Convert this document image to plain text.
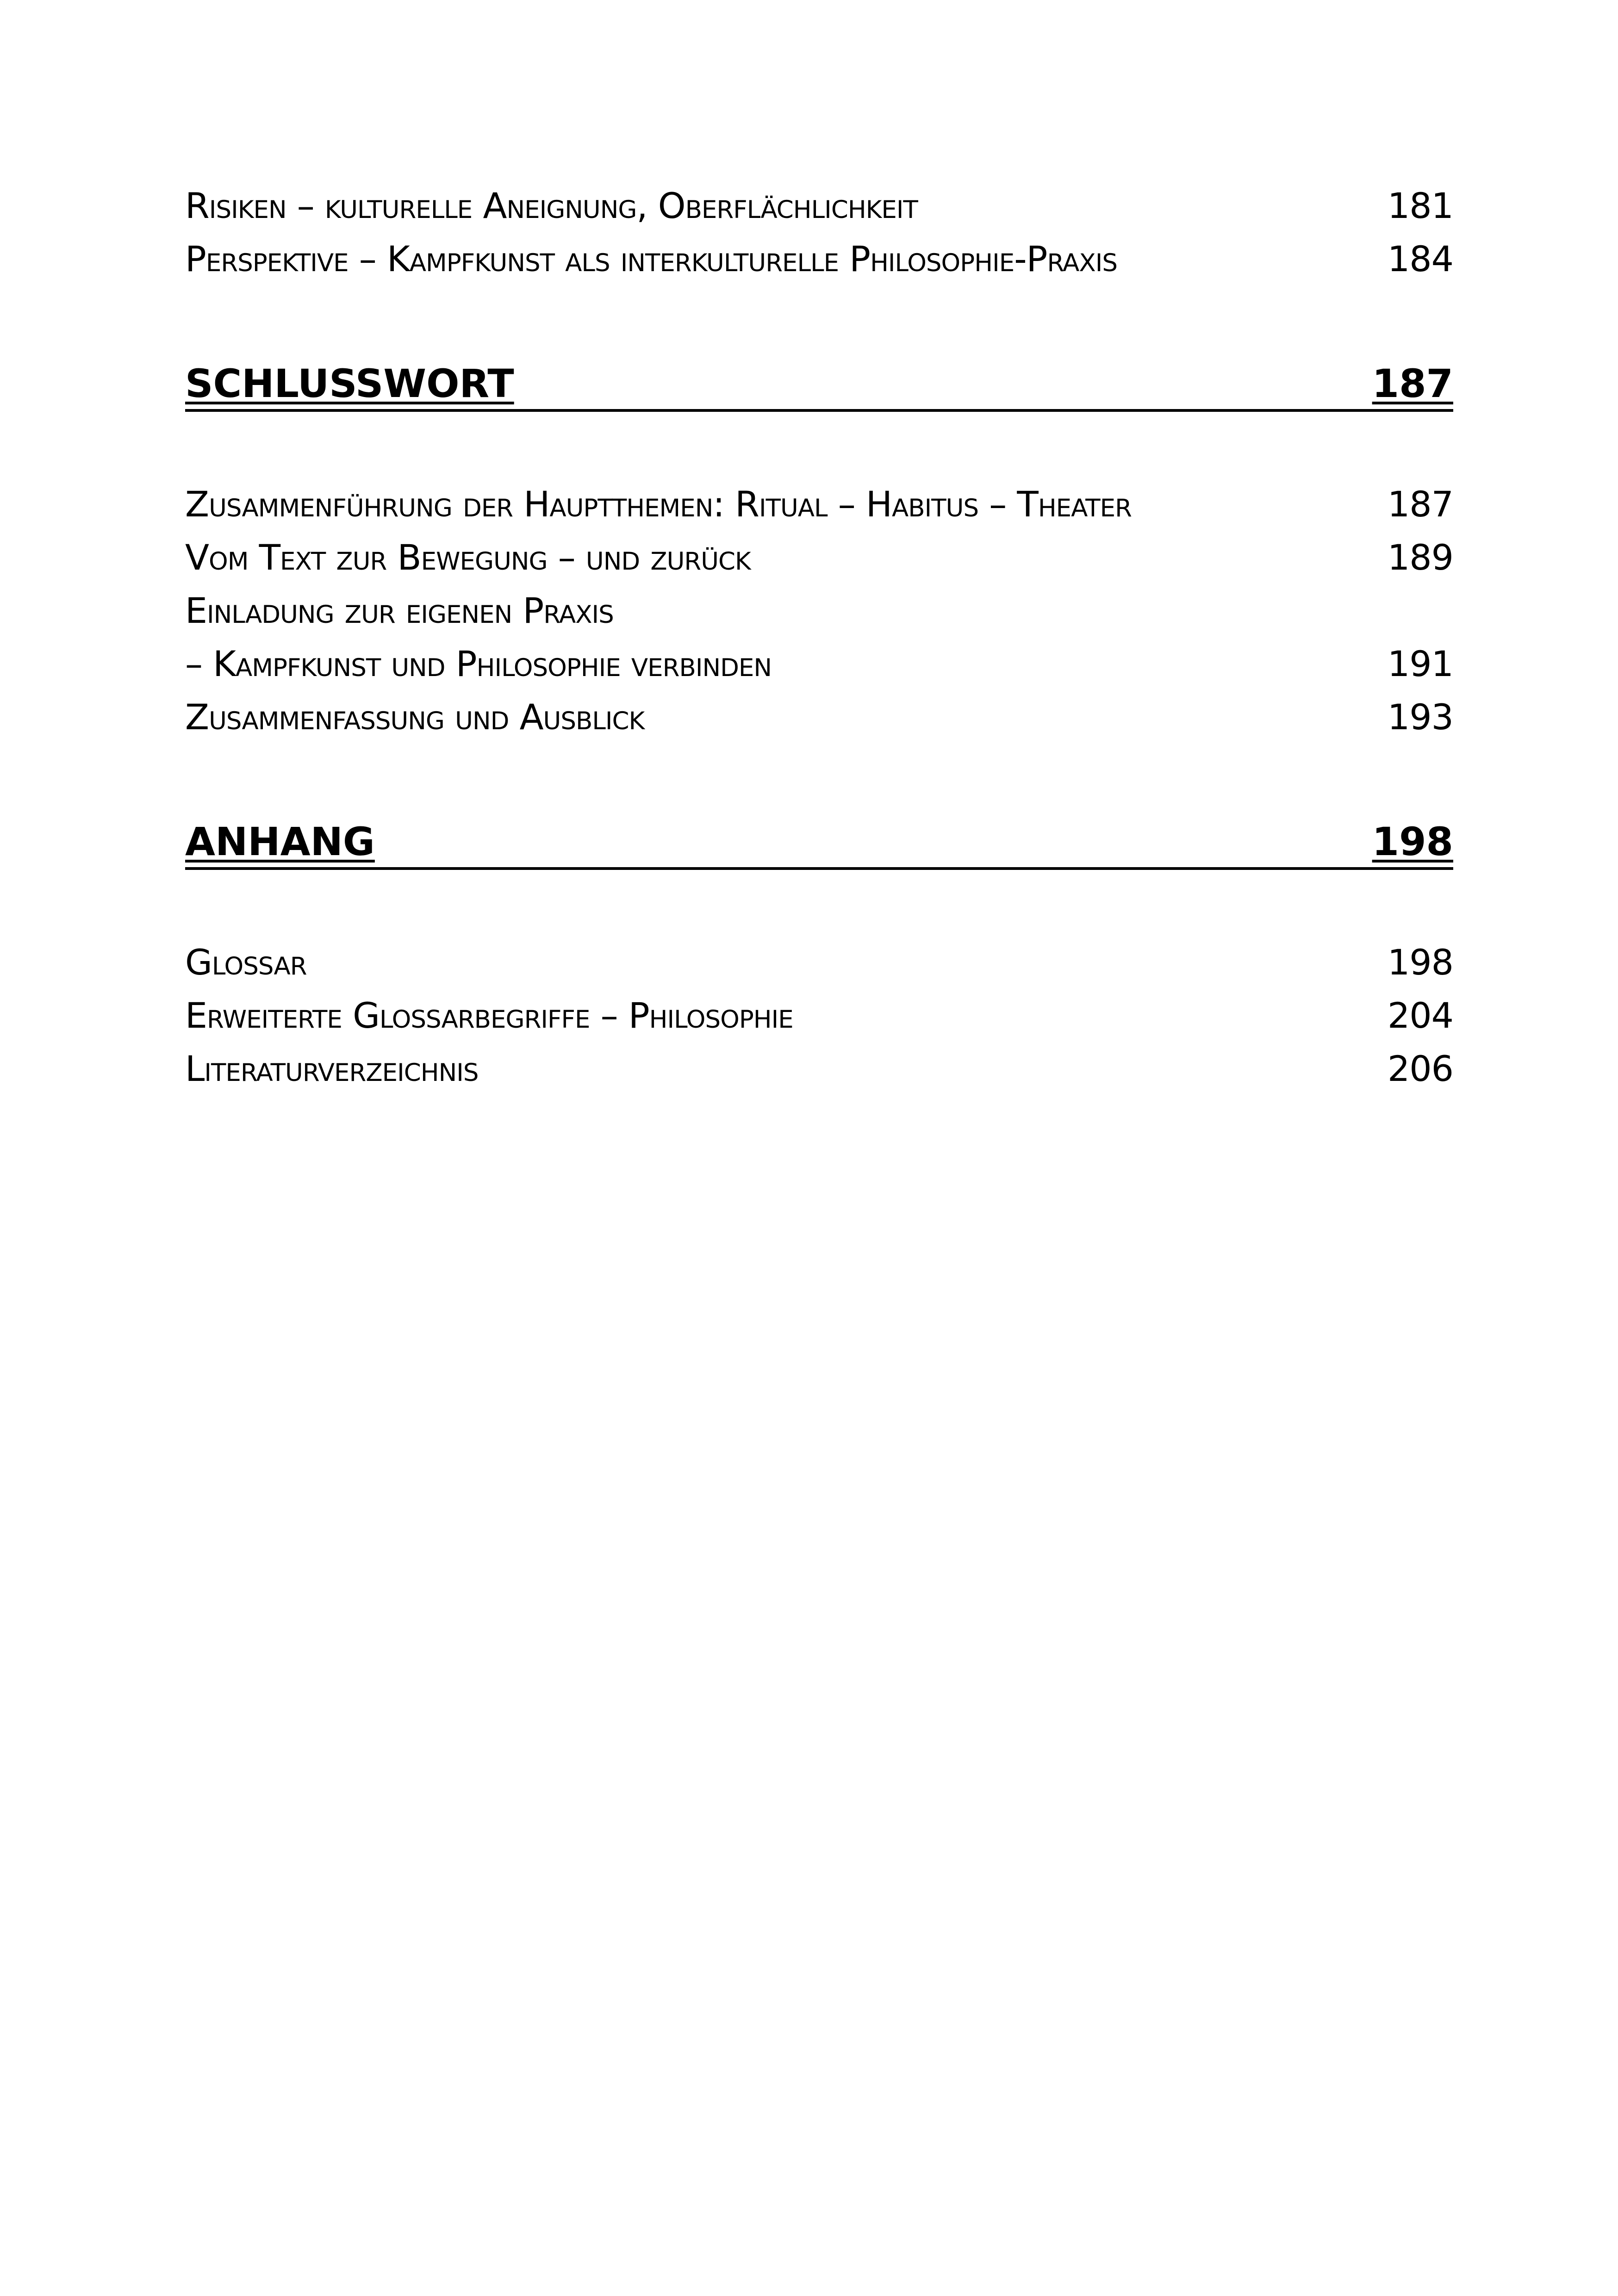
Risiken – kulturelle Aneignung, Oberflächlichkeit	181
Perspektive – Kampfkunst als interkulturelle Philosophie-Praxis	184
SCHLUSSWORT	187
Zusammenführung der Hauptthemen: Ritual – Habitus – Theater	187
Vom Text zur Bewegung – und zurück	189
Einladung zur eigenen Praxis
– Kampfkunst und Philosophie verbinden	191
Zusammenfassung und Ausblick	193
ANHANG	198
Glossar	198
Erweiterte Glossarbegriffe – Philosophie	204
Literaturverzeichnis	206
